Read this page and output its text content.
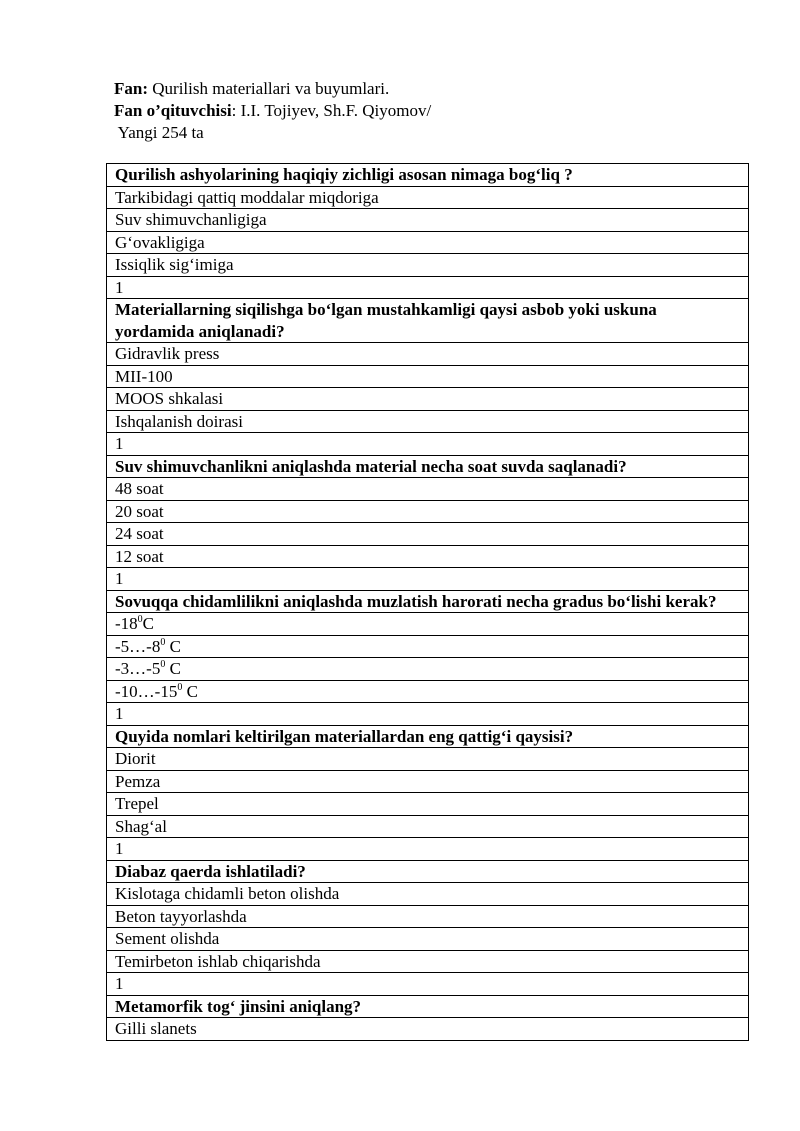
Fan: Qurilish materiallari va buyumlari.
Fan o’qituvchisi: I.I. Tojiyev, Sh.F. Qiyomov/
Yangi 254 ta
Qurilish ashyolarining haqiqiy zichligi asosan nimaga bog‘liq ?
Tarkibidagi qattiq moddalar miqdoriga
Suv shimuvchanligiga
G‘ovakligiga
Issiqlik sig‘imiga
1
Materiallarning siqilishga bo‘lgan mustahkamligi qaysi asbob yoki uskuna yordamida aniqlanadi?
Gidravlik press
MII-100
MOOS shkalasi
Ishqalanish doirasi
1
Suv shimuvchanlikni aniqlashda material necha soat suvda saqlanadi?
48 soat
20 soat
24 soat
12 soat
1
Sovuqqa chidamlilikni aniqlashda muzlatish harorati necha gradus bo‘lishi kerak?
$-18^0C$
$-5\dots-8^0$ C
$-3\dots-5^0$ C
$-10\dots-15^0$ C
1
Quyida nomlari keltirilgan materiallardan eng qattig‘i qaysisi?
Diorit
Pemza
Trepel
Shag‘al
1
Diabaz qaerda ishlatiladi?
Kislotaga chidamli beton olishda
Beton tayyorlashda
Sement olishda
Temirbeton ishlab chiqarishda
1
Metamorfik tog‘ jinsini aniqlang?
Gilli slanets
